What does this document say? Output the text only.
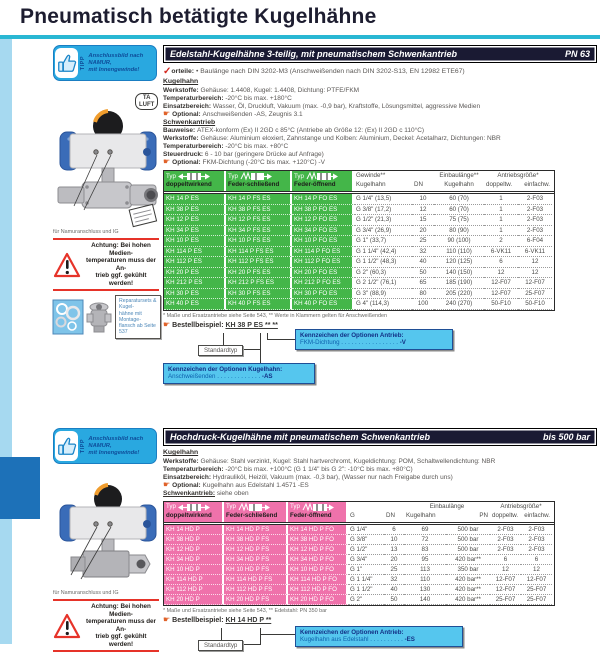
Pneumatisch betätigte Kugelhähne
TIPP
Anschlussbild nach NAMUR,
mit Innengewinde!
für Namuranschluss und IG
Achtung: Bei hohen Medien-
temperaturen muss der An-
trieb ggf. gekühlt werden!
Reparatursets & Kugel-
hähne mit Montage-
flansch ab Seite 537
Edelstahl-Kugelhähne 3-teilig, mit pneumatischem Schwenkantrieb	PN 63
TA
LUFT
✓orteile: • Baulänge nach DIN 3202-M3 (Anschweißenden nach DIN 3202-S13, EN 12982 ETE67)
Kugelhahn
Werkstoffe: Gehäuse: 1.4408, Kugel: 1.4408, Dichtung: PTFE/FKM
Temperaturbereich: -20°C bis max. +180°C
Einsatzbereich: Wasser, Öl, Druckluft, Vakuum (max. -0,9 bar), Kraftstoffe, Lösungsmittel, aggressive Medien
☛ Optional: Anschweißenden -AS, Zeugnis 3.1
Schwenkantrieb
Bauweise: ATEX-konform (Ex) II 2GD c 85°C (Antriebe ab Größe 12: (Ex) II 2GD c 110°C)
Werkstoffe: Gehäuse: Aluminium eloxiert, Zahnstange und Kolben: Aluminium, Deckel: Acetalharz, Dichtungen: NBR
Temperaturbereich: -20°C bis max. +80°C
Steuerdruck: 6 - 10 bar (geringere Drücke auf Anfrage)
☛ Optional: FKM-Dichtung (-20°C bis max. +120°C) -V
Typ
doppeltwirkend
Typ
Feder-schließend
Typ
Feder-öffnend
Gewinde**
Kugelhahn	DN
Einbaulänge**
Kugelhahn
Antriebsgröße*
doppeltw. einfachw.
KH 14 P ES	KH 14 P FS ES	KH 14 P FO ES	G 1/4" (13,5)	10	60 (70)	1	2-F03
KH 38 P ES	KH 38 P FS ES	KH 38 P FO ES	G 3/8" (17,2)	12	60 (70)	1	2-F03
KH 12 P ES	KH 12 P FS ES	KH 12 P FO ES	G 1/2" (21,3)	15	75 (75)	1	2-F03
KH 34 P ES	KH 34 P FS ES	KH 34 P FO ES	G 3/4" (26,9)	20	80 (90)	1	2-F03
KH 10 P ES	KH 10 P FS ES	KH 10 P FO ES	G 1" (33,7)	25	90 (100)	2	6-F04
KH 114 P ES	KH 114 P FS ES	KH 114 P FO ES	G 1 1/4" (42,4)	32	110 (110)	6-VK11	6-VK11
KH 112 P ES	KH 112 P FS ES	KH 112 P FO ES	G 1 1/2" (48,3)	40	120 (125)	6	12
KH 20 P ES	KH 20 P FS ES	KH 20 P FO ES	G 2" (60,3)	50	140 (150)	12	12
KH 212 P ES	KH 212 P FS ES	KH 212 P FO ES	G 2 1/2" (76,1)	65	185 (190)	12-F07	12-F07
KH 30 P ES	KH 30 P FS ES	KH 30 P FO ES	G 3" (88,9)	80	205 (220)	12-F07	25-F07
KH 40 P ES	KH 40 P FS ES	KH 40 P FO ES	G 4" (114,3)	100	240 (270)	50-F10	50-F10
* Maße und Ersatzantriebe siehe Seite 543, ** Werte in Klammern gelten für Anschweißenden
☛ Bestellbeispiel: KH 38 P ES ** **
Standardtyp
Kennzeichen der Optionen Antrieb:
FKM-Dichtung . . . . . . . . . . . . . . . . . -V
Kennzeichen der Optionen Kugelhahn:
Anschweißenden . . . . . . . . . . . . . -AS
TIPP
Anschlussbild nach NAMUR,
mit Innengewinde!
für Namuranschluss und IG
Achtung: Bei hohen Medien-
temperaturen muss der An-
trieb ggf. gekühlt werden!
Hochdruck-Kugelhähne mit pneumatischem Schwenkantrieb	bis 500 bar
Kugelhahn
Werkstoffe: Gehäuse: Stahl verzinkt, Kugel: Stahl hartverchromt, Kugeldichtung: POM, Schaltwellendichtung: NBR
Temperaturbereich: -20°C bis max. +100°C (G 1 1/4" bis G 2": -10°C bis max. +80°C)
Einsatzbereich: Hydrauliköl, Heizöl, Vakuum (max. -0,3 bar), (Wasser nur nach Freigabe durch uns)
☛ Optional: Kugelhahn aus Edelstahl 1.4571 -ES
Schwenkantrieb: siehe oben
Typ
doppeltwirkend
Typ
Feder-schließend
Typ
Feder-öffnend	G	DN
Einbaulänge
Kugelhahn	PN
Antriebsgröße*
doppeltw. einfachw.
KH 14 HD P	KH 14 HD P FS	KH 14 HD P FO	G 1/4"	6	69	500 bar	2-F03	2-F03
KH 38 HD P	KH 38 HD P FS	KH 38 HD P FO	G 3/8"	10	72	500 bar	2-F03	2-F03
KH 12 HD P	KH 12 HD P FS	KH 12 HD P FO	G 1/2"	13	83	500 bar	2-F03	2-F03
KH 34 HD P	KH 34 HD P FS	KH 34 HD P FO	G 3/4"	20	95	420 bar**	6	6
KH 10 HD P	KH 10 HD P FS	KH 10 HD P FO	G 1"	25	113	350 bar	12	12
KH 114 HD P	KH 114 HD P FS	KH 114 HD P FO	G 1 1/4"	32	110	420 bar**	12-F07	12-F07
KH 112 HD P	KH 112 HD P FS	KH 112 HD P FO	G 1 1/2"	40	130	420 bar**	12-F07	25-F07
KH 20 HD P	KH 20 HD P FS	KH 20 HD P FO	G 2"	50	140	420 bar**	25-F07	25-F07
* Maße und Ersatzantriebe siehe Seite 543, ** Edelstahl: PN 350 bar
☛ Bestellbeispiel: KH 14 HD P **
Standardtyp
Kennzeichen der Optionen Antrieb:
Kugelhahn aus Edelstahl . . . . . . . . . . -ES
